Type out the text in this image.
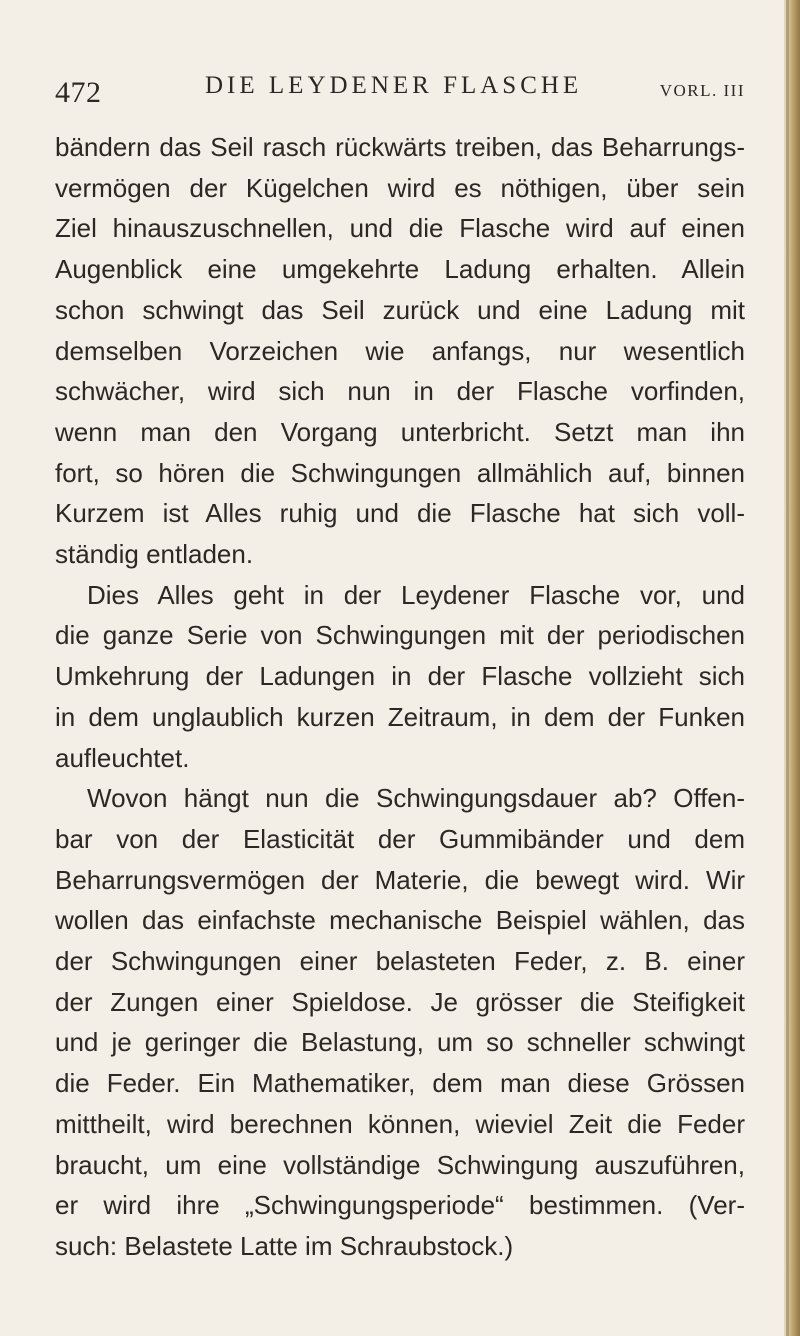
472	DIE LEYDENER FLASCHE	VORL. III
bändern das Seil rasch rückwärts treiben, das Beharrungs-
vermögen der Kügelchen wird es nöthigen, über sein
Ziel hinauszuschnellen, und die Flasche wird auf einen
Augenblick eine umgekehrte Ladung erhalten. Allein
schon schwingt das Seil zurück und eine Ladung mit
demselben Vorzeichen wie anfangs, nur wesentlich
schwächer, wird sich nun in der Flasche vorfinden,
wenn man den Vorgang unterbricht. Setzt man ihn
fort, so hören die Schwingungen allmählich auf, binnen
Kurzem ist Alles ruhig und die Flasche hat sich voll-
ständig entladen.
Dies Alles geht in der Leydener Flasche vor, und
die ganze Serie von Schwingungen mit der periodischen
Umkehrung der Ladungen in der Flasche vollzieht sich
in dem unglaublich kurzen Zeitraum, in dem der Funken
aufleuchtet.
Wovon hängt nun die Schwingungsdauer ab? Offen-
bar von der Elasticität der Gummibänder und dem
Beharrungsvermögen der Materie, die bewegt wird. Wir
wollen das einfachste mechanische Beispiel wählen, das
der Schwingungen einer belasteten Feder, z. B. einer
der Zungen einer Spieldose. Je grösser die Steifigkeit
und je geringer die Belastung, um so schneller schwingt
die Feder. Ein Mathematiker, dem man diese Grössen
mittheilt, wird berechnen können, wieviel Zeit die Feder
braucht, um eine vollständige Schwingung auszuführen,
er wird ihre „Schwingungsperiode“ bestimmen. (Ver-
such: Belastete Latte im Schraubstock.)
